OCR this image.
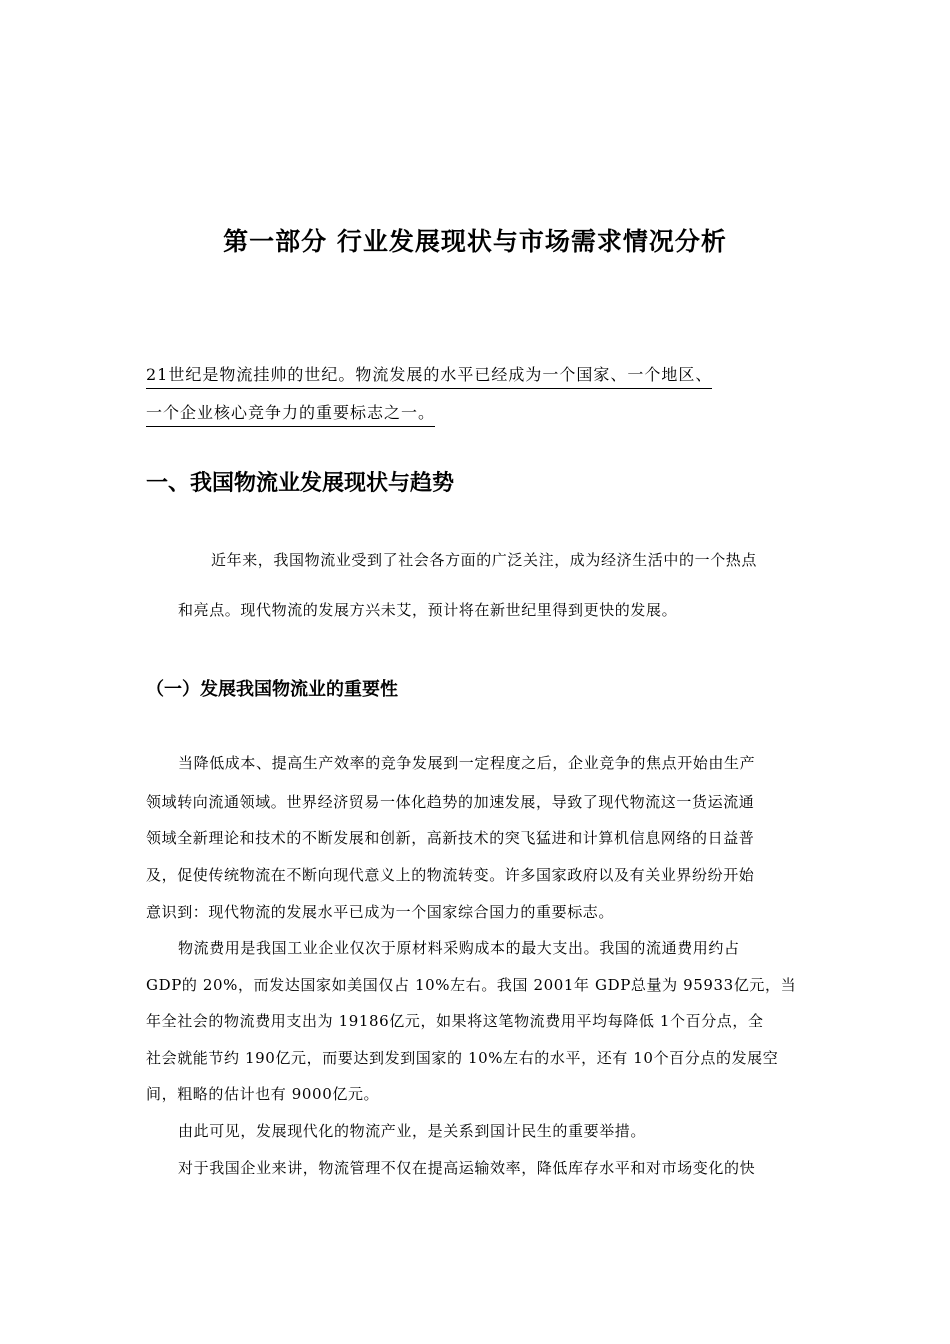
第一部分 行业发展现状与市场需求情况分析
21世纪是物流挂帅的世纪。物流发展的水平已经成为一个国家、一个地区、
一个企业核心竞争力的重要标志之一。
一、我国物流业发展现状与趋势
近年来，我国物流业受到了社会各方面的广泛关注，成为经济生活中的一个热点
和亮点。现代物流的发展方兴未艾，预计将在新世纪里得到更快的发展。
（一）发展我国物流业的重要性
当降低成本、提高生产效率的竞争发展到一定程度之后，企业竞争的焦点开始由生产
领域转向流通领域。世界经济贸易一体化趋势的加速发展，导致了现代物流这一货运流通
领域全新理论和技术的不断发展和创新，高新技术的突飞猛进和计算机信息网络的日益普
及，促使传统物流在不断向现代意义上的物流转变。许多国家政府以及有关业界纷纷开始
意识到：现代物流的发展水平已成为一个国家综合国力的重要标志。
物流费用是我国工业企业仅次于原材料采购成本的最大支出。我国的流通费用约占
GDP的 20%，而发达国家如美国仅占 10%左右。我国 2001年 GDP总量为 95933亿元，当
年全社会的物流费用支出为 19186亿元，如果将这笔物流费用平均每降低 1个百分点，全
社会就能节约 190亿元，而要达到发到国家的 10%左右的水平，还有 10个百分点的发展空
间，粗略的估计也有 9000亿元。
由此可见，发展现代化的物流产业，是关系到国计民生的重要举措。
对于我国企业来讲，物流管理不仅在提高运输效率，降低库存水平和对市场变化的快
